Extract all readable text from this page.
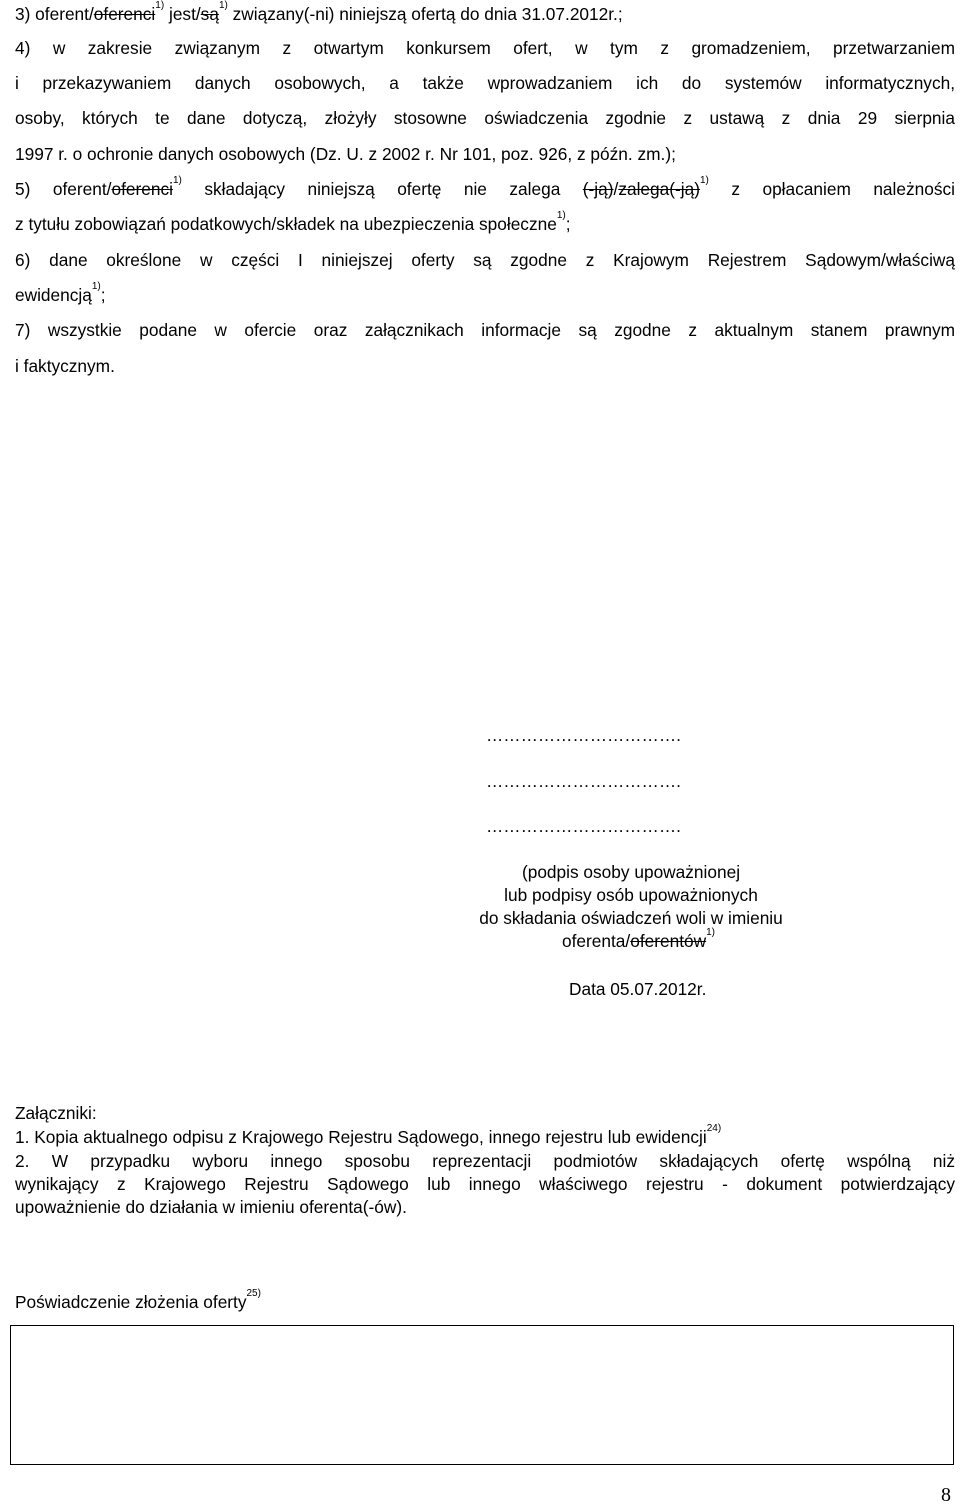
3) oferent/oferenci$^{1)}$ jest/$są^{1)}$ związany(-ni) niniejszą ofertą do dnia 31.07.2012r.;
4) w zakresie związanym z otwartym konkursem ofert, w tym z gromadzeniem, przetwarzaniem
i przekazywaniem danych osobowych, a także wprowadzaniem ich do systemów informatycznych,
osoby, których te dane dotyczą, złożyły stosowne oświadczenia zgodnie z ustawą z dnia 29 sierpnia
1997 r. o ochronie danych osobowych (Dz. U. z 2002 r. Nr 101, poz. 926, z późn. zm.);
5) oferent/oferenci$^{1)}$ składający niniejszą ofertę nie zalega (-ją)/zalega(-ją)$^{1)}$ z opłacaniem należności
z tytułu zobowiązań podatkowych/składek na ubezpieczenia społeczne$^{1)}$;
6) dane określone w części I niniejszej oferty są zgodne z Krajowym Rejestrem Sądowym/właściwą
ewidencją$^{1)}$;
7) wszystkie podane w ofercie oraz załącznikach informacje są zgodne z aktualnym stanem prawnym
i faktycznym.
…………………………….
…………………………….
…………………………….
(podpis osoby upoważnionej
lub podpisy osób upoważnionych
do składania oświadczeń woli w imieniu
oferenta/oferentów$^{1)}$
Data 05.07.2012r.
Załączniki:
1. Kopia aktualnego odpisu z Krajowego Rejestru Sądowego, innego rejestru lub ewidencji$^{24)}$
2. W przypadku wyboru innego sposobu reprezentacji podmiotów składających ofertę wspólną niż
wynikający z Krajowego Rejestru Sądowego lub innego właściwego rejestru - dokument potwierdzający
upoważnienie do działania w imieniu oferenta(-ów).
Poświadczenie złożenia oferty$^{25)}$
8
